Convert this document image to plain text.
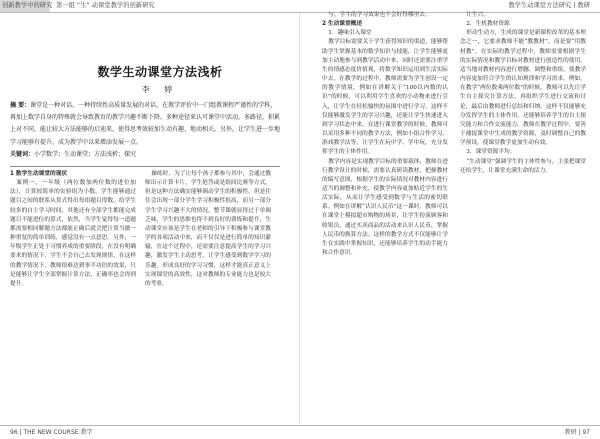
创新教学中的研究 第一组 “生” 动课堂教学的创新研究	教学生动课堂方法研究 | 教研
数学生动课堂方法浅析
李 婷
摘 要：课堂是一种对话，一种持续性高质量发展的对话，在教学评价中一门组教课程严谨性的学科，再加上数学自身的特殊就会导致教育的教学兴趣不断下降。多种途径来认可课堂中活动，多路径，积累上对不同，能让较大方法能够的启迪来，使得思考效较加生动有趣、地动相关。另外，让学生进一步地学习能够有提升，成为教学中以来增添发展一点。
关键词：小学数学；生动课堂；方法浅析；探究

1 数学生动课堂的现状

案例一，一年级（两位数加两位数的进位加法），计算较简单的实验组为小数，学生能够通过题目之间的联系从算式得出每组题目得数，给学生较多的自主学习时间，其他还有全部学生都能完成题目不能进位的算式，依然，当学生觉得每一道题都需要相同解题方法都能正确后就会把计算当做一种重复的简单训练，感觉没有一点意思。另外，一年级学生正处于习惯养成的重要阶段，在没有明确要求的情况下，学生不会自己去发现规律，在这样的教学情况下，教师很难达到事半功倍的效果，只是能够让学生全部掌握计算方法，正确率也会得到提升。

操练时，为了让每个孩子都参与其中，会通过教师出示计算卡片，学生抢答或是组间比赛等方式。但是这种方法确实能够调动学生的积极性，但是往往会出现一部分学生学习积极性很高，而另一部分学生学习兴趣不大的情况，整节课就显得过于单调乏味，学生的思维也得不到良好的训练和提升，生动课堂应该是学生在老师的引导下积极参与课堂教学的各项活动中来，而不仅仅是进行简单的知识灌输，在这个过程中，还需要注意提高学生的学习兴趣，激发学生主动思考，让学生感受到数学学习的乐趣，形成良好的学习习惯，这样才能真正意义上实现课堂的高效性，这对教师的专业能力也是较大的考验。

与，学生的学习效果也不会好得哪里去。

2 生动课堂概述

1．趣味引入课堂

教学目标需要关于学生获得知识的渠道，能够帮助学生掌握基本的数学知识与技能，让学生能够更加主动地参与到教学活动中来，同时还需要注重学生的情感态度价值观，将数学知识运用到生活实际中去。在教学的过程中，教师需要为学生创设一定的教学情境，例如在讲解关于“100以内数的认识”的时候，可以利用学生喜欢的小动物来进行引入，让学生在轻松愉快的氛围中进行学习，这样不仅能够激发学生的学习兴趣，还能让学生快速进入到学习状态中来。在进行课堂教学的时候，教师可以采用多种不同的教学方法，例如小组合作学习、游戏教学法等，让学生在玩中学、学中玩，充分发挥学生的主体作用。

教学内容是实现教学目标的重要载体，教师在进行教学设计的时候，需要认真研读教材，把握教材的编写意图，根据学生的实际情况对教材内容进行适当的调整和补充，使教学内容更加贴近学生的生活实际，从而让学生感受到数学与生活的密切联系。例如在讲解“认识人民币”这一课时，教师可以在课堂上模拟超市购物的场景，让学生扮演顾客和收银员，通过买卖商品的活动来认识人民币，掌握人民币的换算方法。这样的教学方式不仅能够让学生在实践中掌握知识，还能够培养学生的动手能力和合作意识。

让生兴。

2．生机教材资源

形动生动方，生成的课堂是新课程改革的基本理念之一，它要求教师不能“教教材”，而是要“用教材教”。在实际的教学过程中，教师需要根据学生的实际情况和教学目标对教材进行创造性的使用，适当地对教材内容进行增删、调整和重组，使教学内容更加符合学生的认知规律和学习需求。例如，在教学“两位数乘两位数”的时候，教师可以先让学生自主探究计算方法，再组织学生进行交流和讨论，最后由教师进行总结和归纳。这样不仅能够充分发挥学生的主体作用，还能够培养学生的自主探究能力和合作交流能力。教师在教学过程中，要善于捕捉课堂中生成的教学资源，及时调整自己的教学预设，使课堂教学更加生动有效。

3．课堂资源平均：

“生动课堂”强调学生的主体性参与，主张把课堂还给学生，让课堂充满生命的活力。

96 | THE NEW COURSE 教学	教研 | 97
